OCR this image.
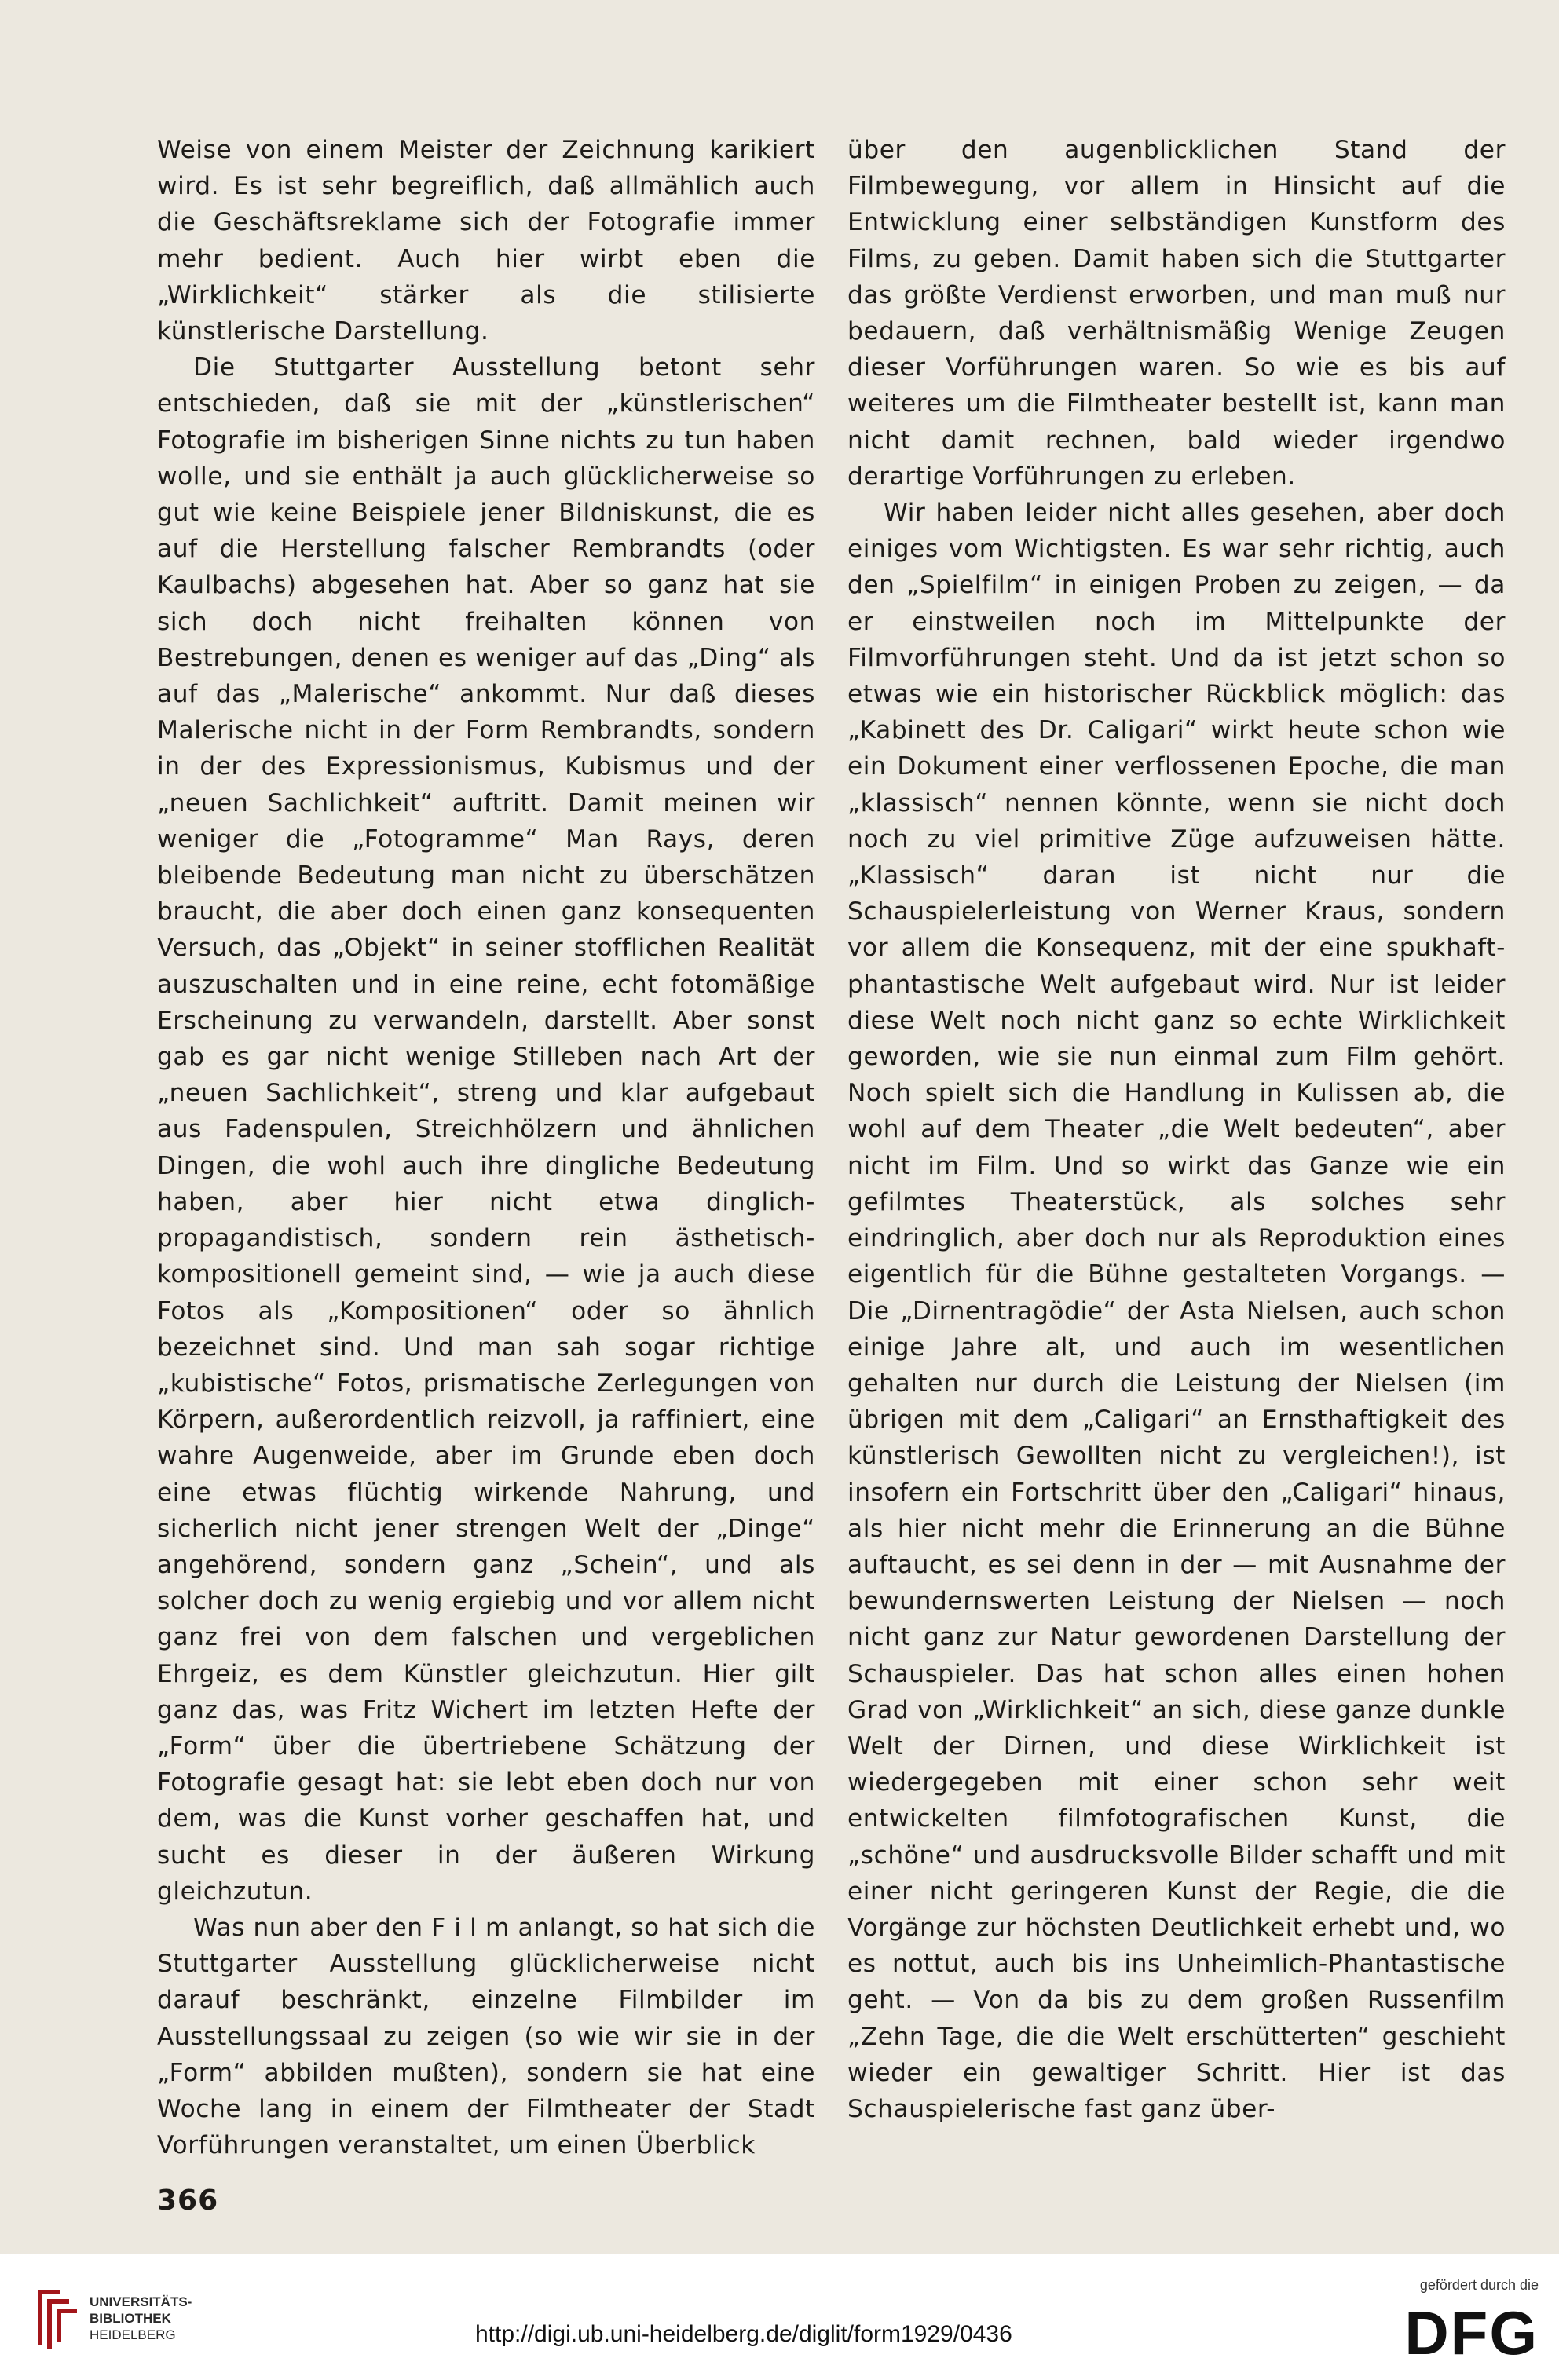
Weise von einem Meister der Zeichnung karikiert wird. Es ist sehr begreiflich, daß allmählich auch die Geschäftsreklame sich der Fotografie immer mehr bedient. Auch hier wirbt eben die „Wirklichkeit“ stärker als die stilisierte künstlerische Darstellung.

Die Stuttgarter Ausstellung betont sehr entschieden, daß sie mit der „künstlerischen“ Fotografie im bisherigen Sinne nichts zu tun haben wolle, und sie enthält ja auch glücklicherweise so gut wie keine Beispiele jener Bildniskunst, die es auf die Herstellung falscher Rembrandts (oder Kaulbachs) abgesehen hat. Aber so ganz hat sie sich doch nicht freihalten können von Bestrebungen, denen es weniger auf das „Ding“ als auf das „Malerische“ ankommt. Nur daß dieses Malerische nicht in der Form Rembrandts, sondern in der des Expressionismus, Kubismus und der „neuen Sachlichkeit“ auftritt. Damit meinen wir weniger die „Fotogramme“ Man Rays, deren bleibende Bedeutung man nicht zu überschätzen braucht, die aber doch einen ganz konsequenten Versuch, das „Objekt“ in seiner stofflichen Realität auszuschalten und in eine reine, echt fotomäßige Erscheinung zu verwandeln, darstellt. Aber sonst gab es gar nicht wenige Stilleben nach Art der „neuen Sachlichkeit“, streng und klar aufgebaut aus Fadenspulen, Streichhölzern und ähnlichen Dingen, die wohl auch ihre dingliche Bedeutung haben, aber hier nicht etwa dinglich-propagandistisch, sondern rein ästhetisch-kompositionell gemeint sind, — wie ja auch diese Fotos als „Kompositionen“ oder so ähnlich bezeichnet sind. Und man sah sogar richtige „kubistische“ Fotos, prismatische Zerlegungen von Körpern, außerordentlich reizvoll, ja raffiniert, eine wahre Augenweide, aber im Grunde eben doch eine etwas flüchtig wirkende Nahrung, und sicherlich nicht jener strengen Welt der „Dinge“ angehörend, sondern ganz „Schein“, und als solcher doch zu wenig ergiebig und vor allem nicht ganz frei von dem falschen und vergeblichen Ehrgeiz, es dem Künstler gleichzutun. Hier gilt ganz das, was Fritz Wichert im letzten Hefte der „Form“ über die übertriebene Schätzung der Fotografie gesagt hat: sie lebt eben doch nur von dem, was die Kunst vorher geschaffen hat, und sucht es dieser in der äußeren Wirkung gleichzutun.

Was nun aber den F i l m anlangt, so hat sich die Stuttgarter Ausstellung glücklicherweise nicht darauf beschränkt, einzelne Filmbilder im Ausstellungssaal zu zeigen (so wie wir sie in der „Form“ abbilden mußten), sondern sie hat eine Woche lang in einem der Filmtheater der Stadt Vorführungen veranstaltet, um einen Überblick

über den augenblicklichen Stand der Filmbewegung, vor allem in Hinsicht auf die Entwicklung einer selbständigen Kunstform des Films, zu geben. Damit haben sich die Stuttgarter das größte Verdienst erworben, und man muß nur bedauern, daß verhältnismäßig Wenige Zeugen dieser Vorführungen waren. So wie es bis auf weiteres um die Filmtheater bestellt ist, kann man nicht damit rechnen, bald wieder irgendwo derartige Vorführungen zu erleben.

Wir haben leider nicht alles gesehen, aber doch einiges vom Wichtigsten. Es war sehr richtig, auch den „Spielfilm“ in einigen Proben zu zeigen, — da er einstweilen noch im Mittelpunkte der Filmvorführungen steht. Und da ist jetzt schon so etwas wie ein historischer Rückblick möglich: das „Kabinett des Dr. Caligari“ wirkt heute schon wie ein Dokument einer verflossenen Epoche, die man „klassisch“ nennen könnte, wenn sie nicht doch noch zu viel primitive Züge aufzuweisen hätte. „Klassisch“ daran ist nicht nur die Schauspielerleistung von Werner Kraus, sondern vor allem die Konsequenz, mit der eine spukhaft-phantastische Welt aufgebaut wird. Nur ist leider diese Welt noch nicht ganz so echte Wirklichkeit geworden, wie sie nun einmal zum Film gehört. Noch spielt sich die Handlung in Kulissen ab, die wohl auf dem Theater „die Welt bedeuten“, aber nicht im Film. Und so wirkt das Ganze wie ein gefilmtes Theaterstück, als solches sehr eindringlich, aber doch nur als Reproduktion eines eigentlich für die Bühne gestalteten Vorgangs. — Die „Dirnentragödie“ der Asta Nielsen, auch schon einige Jahre alt, und auch im wesentlichen gehalten nur durch die Leistung der Nielsen (im übrigen mit dem „Caligari“ an Ernsthaftigkeit des künstlerisch Gewollten nicht zu vergleichen!), ist insofern ein Fortschritt über den „Caligari“ hinaus, als hier nicht mehr die Erinnerung an die Bühne auftaucht, es sei denn in der — mit Ausnahme der bewundernswerten Leistung der Nielsen — noch nicht ganz zur Natur gewordenen Darstellung der Schauspieler. Das hat schon alles einen hohen Grad von „Wirklichkeit“ an sich, diese ganze dunkle Welt der Dirnen, und diese Wirklichkeit ist wiedergegeben mit einer schon sehr weit entwickelten filmfotografischen Kunst, die „schöne“ und ausdrucksvolle Bilder schafft und mit einer nicht geringeren Kunst der Regie, die die Vorgänge zur höchsten Deutlichkeit erhebt und, wo es nottut, auch bis ins Unheimlich-Phantastische geht. — Von da bis zu dem großen Russenfilm „Zehn Tage, die die Welt erschütterten“ geschieht wieder ein gewaltiger Schritt. Hier ist das Schauspielerische fast ganz über-

366
UNIVERSITÄTS-
BIBLIOTHEK
HEIDELBERG	http://digi.ub.uni-heidelberg.de/diglit/form1929/0436
gefördert durch die
DFG
